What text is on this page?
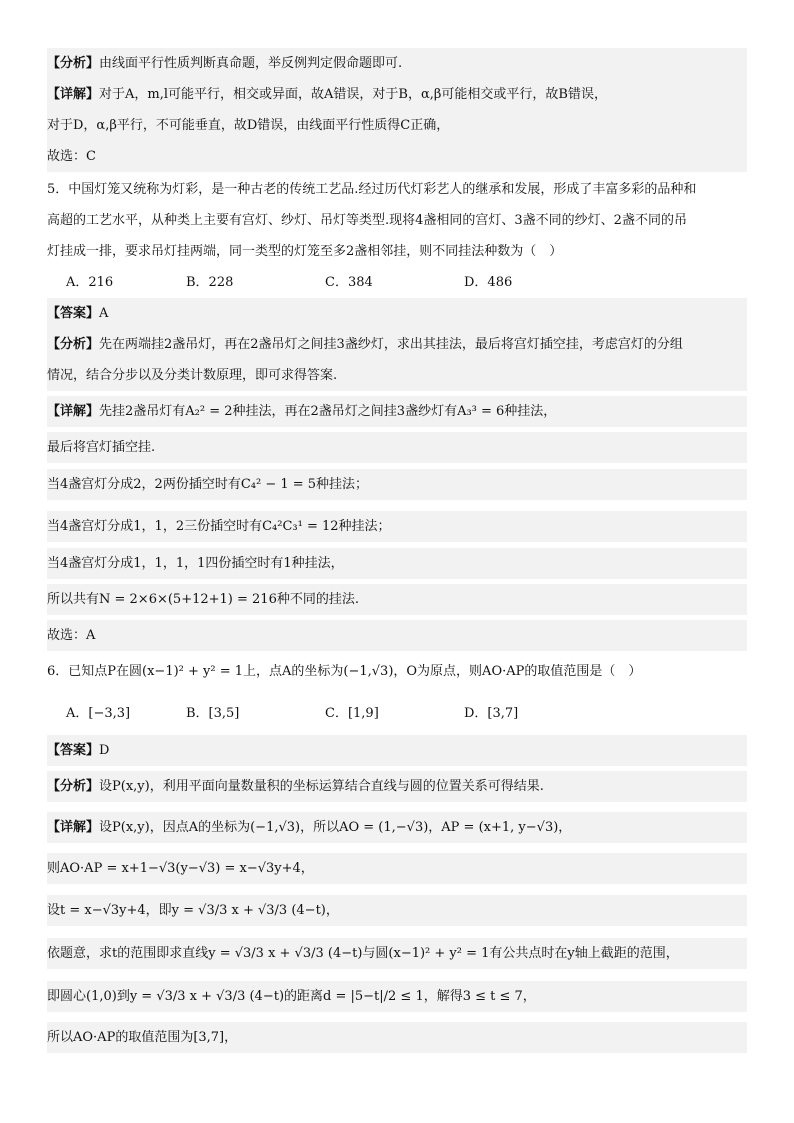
【分析】由线面平行性质判断真命题，举反例判定假命题即可.
【详解】对于A，m,l可能平行，相交或异面，故A错误，对于B，α,β可能相交或平行，故B错误，
对于D，α,β平行，不可能垂直，故D错误，由线面平行性质得C正确，
故选：C
5．中国灯笼又统称为灯彩，是一种古老的传统工艺品.经过历代灯彩艺人的继承和发展，形成了丰富多彩的品种和
高超的工艺水平，从种类上主要有宫灯、纱灯、吊灯等类型.现将4盏相同的宫灯、3盏不同的纱灯、2盏不同的吊
灯挂成一排，要求吊灯挂两端，同一类型的灯笼至多2盏相邻挂，则不同挂法种数为（　）
A．216	B．228	C．384	D．486
【答案】A
【分析】先在两端挂2盏吊灯，再在2盏吊灯之间挂3盏纱灯，求出其挂法，最后将宫灯插空挂，考虑宫灯的分组
情况，结合分步以及分类计数原理，即可求得答案.
【详解】先挂2盏吊灯有A₂² = 2种挂法，再在2盏吊灯之间挂3盏纱灯有A₃³ = 6种挂法，
最后将宫灯插空挂.
当4盏宫灯分成2，2两份插空时有C₄² − 1 = 5种挂法；
当4盏宫灯分成1，1，2三份插空时有C₄²C₃¹ = 12种挂法；
当4盏宫灯分成1，1，1，1四份插空时有1种挂法，
所以共有N = 2×6×(5+12+1) = 216种不同的挂法.
故选：A
6．已知点P在圆(x−1)² + y² = 1上，点A的坐标为(−1,√3)，O为原点，则AO·AP的取值范围是（　）
A．[−3,3]	B．[3,5]	C．[1,9]	D．[3,7]
【答案】D
【分析】设P(x,y)，利用平面向量数量积的坐标运算结合直线与圆的位置关系可得结果.
【详解】设P(x,y)，因点A的坐标为(−1,√3)，所以AO = (1,−√3)，AP = (x+1, y−√3)，
则AO·AP = x+1−√3(y−√3) = x−√3y+4，
设t = x−√3y+4，即y = √3/3 x + √3/3 (4−t)，
依题意，求t的范围即求直线y = √3/3 x + √3/3 (4−t)与圆(x−1)² + y² = 1有公共点时在y轴上截距的范围，
即圆心(1,0)到y = √3/3 x + √3/3 (4−t)的距离d = |5−t|/2 ≤ 1，解得3 ≤ t ≤ 7，
所以AO·AP的取值范围为[3,7]，
